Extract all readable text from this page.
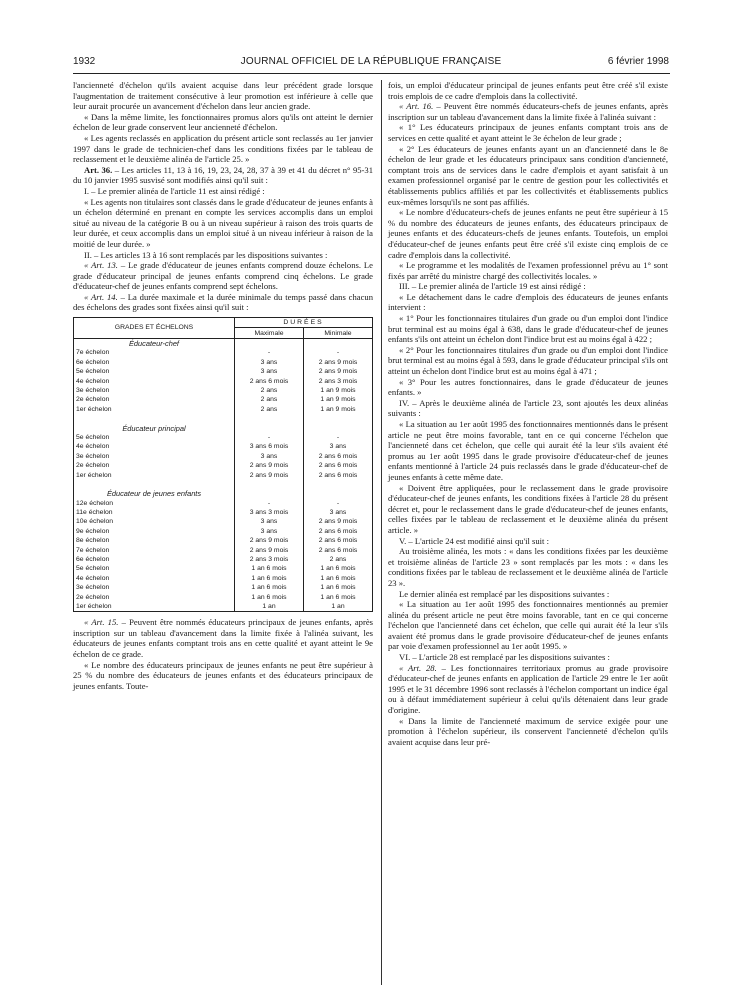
1932	JOURNAL OFFICIEL DE LA RÉPUBLIQUE FRANÇAISE	6 février 1998

l'ancienneté d'échelon qu'ils avaient acquise dans leur précédent grade lorsque l'augmentation de traitement consécutive à leur promotion est inférieure à celle que leur aurait procurée un avancement d'échelon dans leur ancien grade.

« Dans la même limite, les fonctionnaires promus alors qu'ils ont atteint le dernier échelon de leur grade conservent leur ancienneté d'échelon.

« Les agents reclassés en application du présent article sont reclassés au 1er janvier 1997 dans le grade de technicien-chef dans les conditions fixées par le tableau de reclassement et le deuxième alinéa de l'article 25. »

Art. 36. – Les articles 11, 13 à 16, 19, 23, 24, 28, 37 à 39 et 41 du décret n° 95-31 du 10 janvier 1995 susvisé sont modifiés ainsi qu'il suit :

I. – Le premier alinéa de l'article 11 est ainsi rédigé :

« Les agents non titulaires sont classés dans le grade d'éducateur de jeunes enfants à un échelon déterminé en prenant en compte les services accomplis dans un emploi situé au niveau de la catégorie B ou à un niveau supérieur à raison des trois quarts de leur durée, et ceux accomplis dans un emploi situé à un niveau inférieur à raison de la moitié de leur durée. »

II. – Les articles 13 à 16 sont remplacés par les dispositions suivantes :

« Art. 13. – Le grade d'éducateur de jeunes enfants comprend douze échelons. Le grade d'éducateur principal de jeunes enfants comprend cinq échelons. Le grade d'éducateur-chef de jeunes enfants comprend sept échelons.

« Art. 14. – La durée maximale et la durée minimale du temps passé dans chacun des échelons des grades sont fixées ainsi qu'il suit :

GRADES ET ÉCHELONS	DURÉES	
	Maximale	Minimale
Éducateur-chef		
7e échelon	-	-
6e échelon	3 ans	2 ans 9 mois
5e échelon	3 ans	2 ans 9 mois
4e échelon	2 ans 6 mois	2 ans 3 mois
3e échelon	2 ans	1 an 9 mois
2e échelon	2 ans	1 an 9 mois
1er échelon	2 ans	1 an 9 mois

Éducateur principal		
5e échelon	-	-
4e échelon	3 ans 6 mois	3 ans
3e échelon	3 ans	2 ans 6 mois
2e échelon	2 ans 9 mois	2 ans 6 mois
1er échelon	2 ans 9 mois	2 ans 6 mois

Éducateur de jeunes enfants		
12e échelon	-	-
11e échelon	3 ans 3 mois	3 ans
10e échelon	3 ans	2 ans 9 mois
9e échelon	3 ans	2 ans 6 mois
8e échelon	2 ans 9 mois	2 ans 6 mois
7e échelon	2 ans 9 mois	2 ans 6 mois
6e échelon	2 ans 3 mois	2 ans
5e échelon	1 an 6 mois	1 an 6 mois
4e échelon	1 an 6 mois	1 an 6 mois
3e échelon	1 an 6 mois	1 an 6 mois
2e échelon	1 an 6 mois	1 an 6 mois
1er échelon	1 an	1 an

« Art. 15. – Peuvent être nommés éducateurs principaux de jeunes enfants, après inscription sur un tableau d'avancement dans la limite fixée à l'alinéa suivant, les éducateurs de jeunes enfants comptant trois ans en cette qualité et ayant atteint le 9e échelon de ce grade.

« Le nombre des éducateurs principaux de jeunes enfants ne peut être supérieur à 25 % du nombre des éducateurs de jeunes enfants et des éducateurs principaux de jeunes enfants. Toute-

fois, un emploi d'éducateur principal de jeunes enfants peut être créé s'il existe trois emplois de ce cadre d'emplois dans la collectivité.

« Art. 16. – Peuvent être nommés éducateurs-chefs de jeunes enfants, après inscription sur un tableau d'avancement dans la limite fixée à l'alinéa suivant :

« 1° Les éducateurs principaux de jeunes enfants comptant trois ans de services en cette qualité et ayant atteint le 3e échelon de leur grade ;

« 2° Les éducateurs de jeunes enfants ayant un an d'ancienneté dans le 8e échelon de leur grade et les éducateurs principaux sans condition d'ancienneté, comptant trois ans de services dans le cadre d'emplois et ayant satisfait à un examen professionnel organisé par le centre de gestion pour les collectivités et établissements publics affiliés et par les collectivités et établissements publics eux-mêmes lorsqu'ils ne sont pas affiliés.

« Le nombre d'éducateurs-chefs de jeunes enfants ne peut être supérieur à 15 % du nombre des éducateurs de jeunes enfants, des éducateurs principaux de jeunes enfants et des éducateurs-chefs de jeunes enfants. Toutefois, un emploi d'éducateur-chef de jeunes enfants peut être créé s'il existe cinq emplois de ce cadre d'emplois dans la collectivité.

« Le programme et les modalités de l'examen professionnel prévu au 1° sont fixés par arrêté du ministre chargé des collectivités locales. »

III. – Le premier alinéa de l'article 19 est ainsi rédigé :

« Le détachement dans le cadre d'emplois des éducateurs de jeunes enfants intervient :

« 1° Pour les fonctionnaires titulaires d'un grade ou d'un emploi dont l'indice brut terminal est au moins égal à 638, dans le grade d'éducateur-chef de jeunes enfants s'ils ont atteint un échelon dont l'indice brut est au moins égal à 422 ;

« 2° Pour les fonctionnaires titulaires d'un grade ou d'un emploi dont l'indice brut terminal est au moins égal à 593, dans le grade d'éducateur principal s'ils ont atteint un échelon dont l'indice brut est au moins égal à 471 ;

« 3° Pour les autres fonctionnaires, dans le grade d'éducateur de jeunes enfants. »

IV. – Après le deuxième alinéa de l'article 23, sont ajoutés les deux alinéas suivants :

« La situation au 1er août 1995 des fonctionnaires mentionnés dans le présent article ne peut être moins favorable, tant en ce qui concerne l'échelon que l'ancienneté dans cet échelon, que celle qui aurait été la leur s'ils avaient été promus au 1er août 1995 dans le grade provisoire d'éducateur-chef de jeunes enfants mentionné à l'article 24 puis reclassés dans le grade d'éducateur-chef de jeunes enfants à cette même date.

« Doivent être appliquées, pour le reclassement dans le grade provisoire d'éducateur-chef de jeunes enfants, les conditions fixées à l'article 28 du présent décret et, pour le reclassement dans le grade d'éducateur-chef de jeunes enfants, celles fixées par le tableau de reclassement et le deuxième alinéa du présent article. »

V. – L'article 24 est modifié ainsi qu'il suit :

Au troisième alinéa, les mots : « dans les conditions fixées par les deuxième et troisième alinéas de l'article 23 » sont remplacés par les mots : « dans les conditions fixées par le tableau de reclassement et le deuxième alinéa de l'article 23 ».

Le dernier alinéa est remplacé par les dispositions suivantes :

« La situation au 1er août 1995 des fonctionnaires mentionnés au premier alinéa du présent article ne peut être moins favorable, tant en ce qui concerne l'échelon que l'ancienneté dans cet échelon, que celle qui aurait été la leur s'ils avaient été promus dans le grade provisoire d'éducateur-chef de jeunes enfants par voie d'examen professionnel au 1er août 1995. »

VI. – L'article 28 est remplacé par les dispositions suivantes :

« Art. 28. – Les fonctionnaires territoriaux promus au grade provisoire d'éducateur-chef de jeunes enfants en application de l'article 29 entre le 1er août 1995 et le 31 décembre 1996 sont reclassés à l'échelon comportant un indice égal ou à défaut immédiatement supérieur à celui qu'ils détenaient dans leur grade d'origine.

« Dans la limite de l'ancienneté maximum de service exigée pour une promotion à l'échelon supérieur, ils conservent l'ancienneté d'échelon qu'ils avaient acquise dans leur pré-
